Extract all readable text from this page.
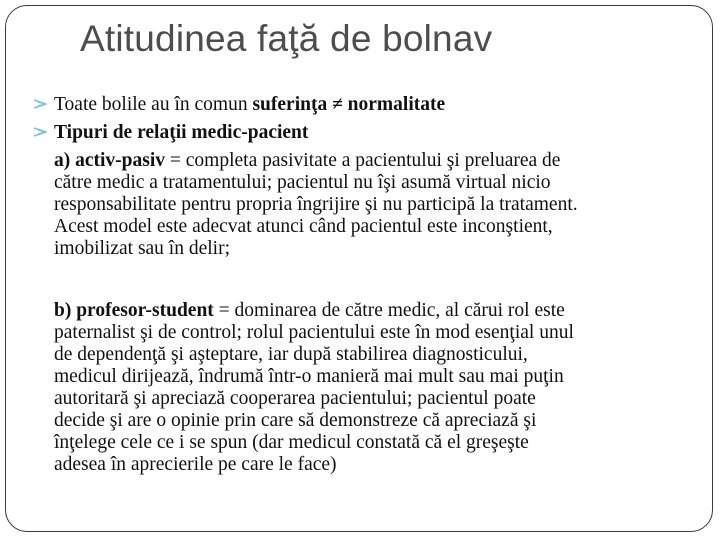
Atitudinea faţă de bolnav
Toate bolile au în comun suferinţa ≠ normalitate
Tipuri de relaţii medic-pacient
a) activ-pasiv = completa pasivitate a pacientului şi preluarea de
către medic a tratamentului; pacientul nu îşi asumă virtual nicio
responsabilitate pentru propria îngrijire şi nu participă la tratament.
Acest model este adecvat atunci când pacientul este inconştient,
imobilizat sau în delir;
b) profesor-student = dominarea de către medic, al cărui rol este
paternalist şi de control; rolul pacientului este în mod esenţial unul
de dependenţă şi aşteptare, iar după stabilirea diagnosticului,
medicul dirijează, îndrumă într-o manieră mai mult sau mai puţin
autoritară şi apreciază cooperarea pacientului; pacientul poate
decide şi are o opinie prin care să demonstreze că apreciază şi
înţelege cele ce i se spun (dar medicul constată că el greşeşte
adesea în aprecierile pe care le face)
